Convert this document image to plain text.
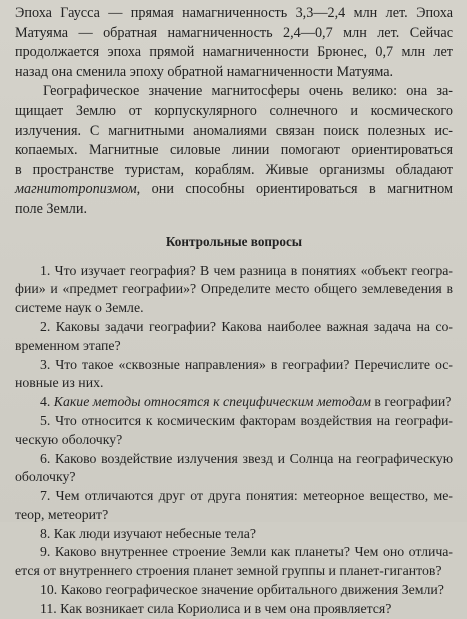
Эпоха Гаусса — прямая намагниченность 3,3—2,4 млн лет. Эпоха
Матуяма — обратная намагниченность 2,4—0,7 млн лет. Сейчас
продолжается эпоха прямой намагниченности Брюнес, 0,7 млн лет
назад она сменила эпоху обратной намагниченности Матуяма.
Географическое значение магнитосферы очень велико: она за-
щищает Землю от корпускулярного солнечного и космического
излучения. С магнитными аномалиями связан поиск полезных ис-
копаемых. Магнитные силовые линии помогают ориентироваться
в пространстве туристам, кораблям. Живые организмы обладают
магнитотропизмом, они способны ориентироваться в магнитном
поле Земли.
Контрольные вопросы
1. Что изучает география? В чем разница в понятиях «объект геогра-
фии» и «предмет географии»? Определите место общего землеведения в
системе наук о Земле.
2. Каковы задачи географии? Какова наиболее важная задача на со-
временном этапе?
3. Что такое «сквозные направления» в географии? Перечислите ос-
новные из них.
4. Какие методы относятся к специфическим методам в географии?
5. Что относится к космическим факторам воздействия на географи-
ческую оболочку?
6. Каково воздействие излучения звезд и Солнца на географическую
оболочку?
7. Чем отличаются друг от друга понятия: метеорное вещество, ме-
теор, метеорит?
8. Как люди изучают небесные тела?
9. Каково внутреннее строение Земли как планеты? Чем оно отлича-
ется от внутреннего строения планет земной группы и планет-гигантов?
10. Каково географическое значение орбитального движения Земли?
11. Как возникает сила Кориолиса и в чем она проявляется?
